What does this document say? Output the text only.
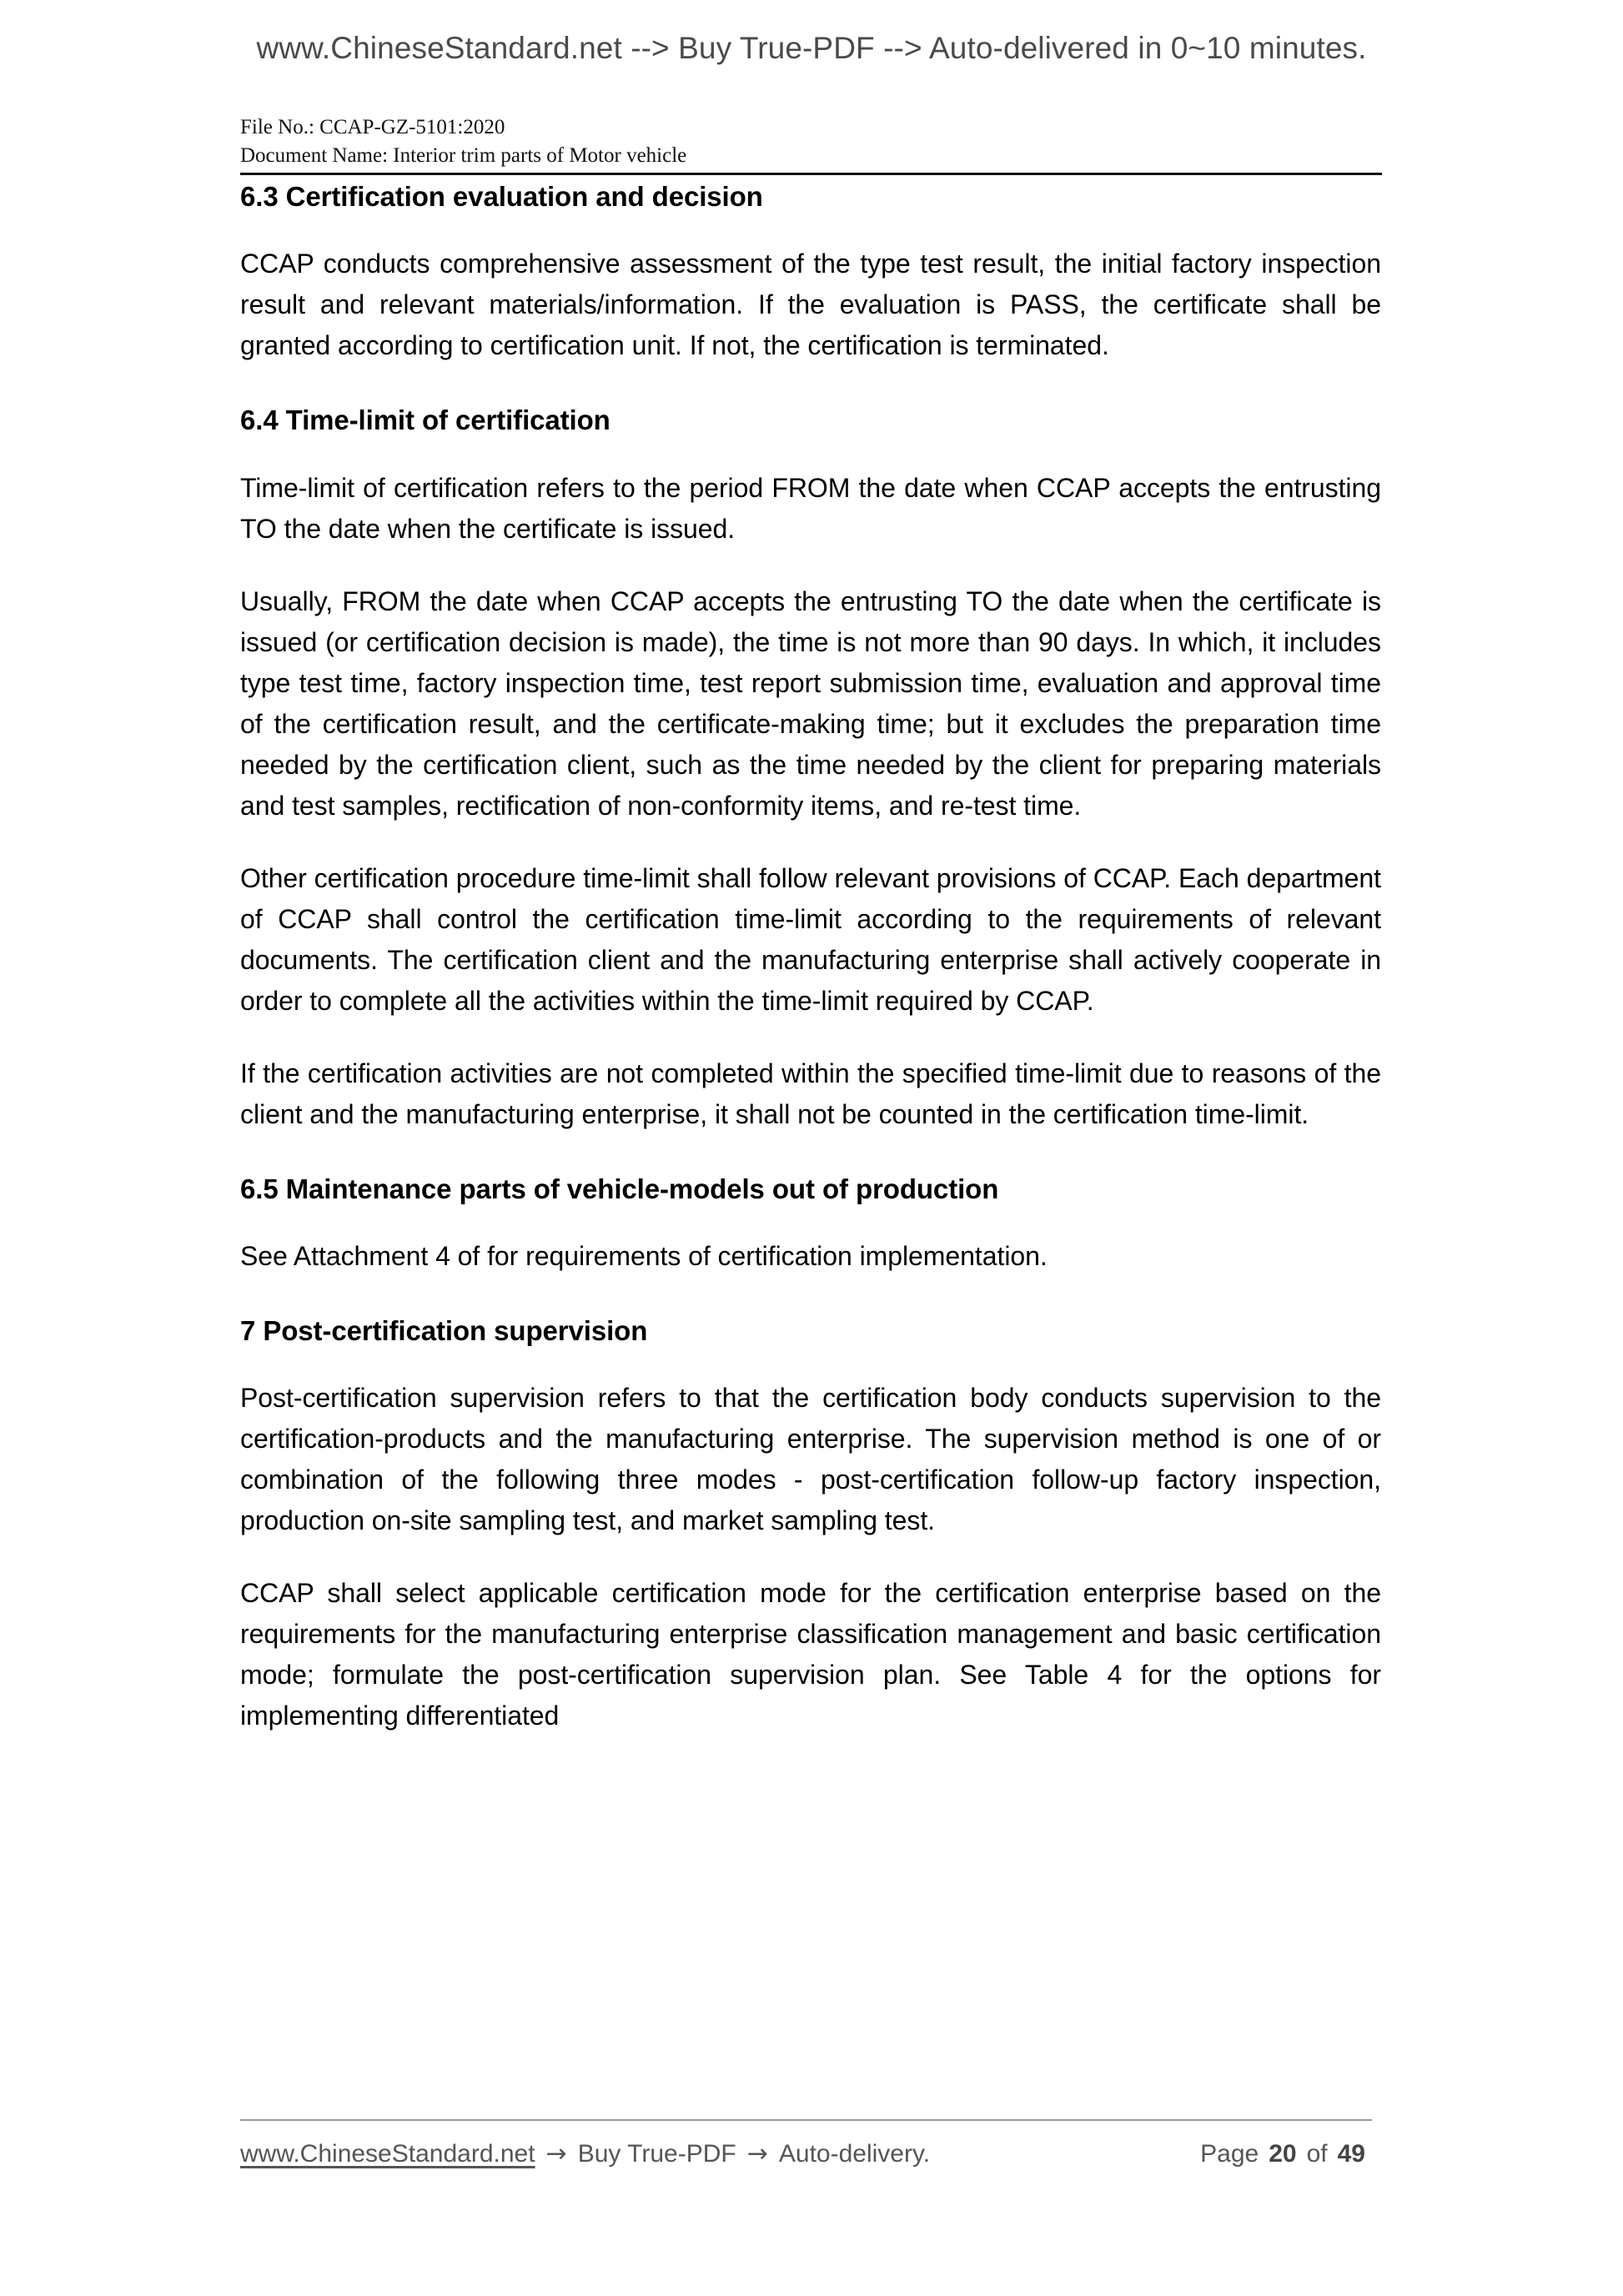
www.ChineseStandard.net --> Buy True-PDF --> Auto-delivered in 0~10 minutes.
File No.: CCAP-GZ-5101:2020
Document Name: Interior trim parts of Motor vehicle
6.3 Certification evaluation and decision

CCAP conducts comprehensive assessment of the type test result, the initial factory inspection result and relevant materials/information. If the evaluation is PASS, the certificate shall be granted according to certification unit. If not, the certification is terminated.

6.4 Time-limit of certification

Time-limit of certification refers to the period FROM the date when CCAP accepts the entrusting TO the date when the certificate is issued.

Usually, FROM the date when CCAP accepts the entrusting TO the date when the certificate is issued (or certification decision is made), the time is not more than 90 days. In which, it includes type test time, factory inspection time, test report submission time, evaluation and approval time of the certification result, and the certificate-making time; but it excludes the preparation time needed by the certification client, such as the time needed by the client for preparing materials and test samples, rectification of non-conformity items, and re-test time.

Other certification procedure time-limit shall follow relevant provisions of CCAP. Each department of CCAP shall control the certification time-limit according to the requirements of relevant documents. The certification client and the manufacturing enterprise shall actively cooperate in order to complete all the activities within the time-limit required by CCAP.

If the certification activities are not completed within the specified time-limit due to reasons of the client and the manufacturing enterprise, it shall not be counted in the certification time-limit.

6.5 Maintenance parts of vehicle-models out of production

See Attachment 4 of for requirements of certification implementation.

7 Post-certification supervision

Post-certification supervision refers to that the certification body conducts supervision to the certification-products and the manufacturing enterprise. The supervision method is one of or combination of the following three modes - post-certification follow-up factory inspection, production on-site sampling test, and market sampling test.

CCAP shall select applicable certification mode for the certification enterprise based on the requirements for the manufacturing enterprise classification management and basic certification mode; formulate the post-certification supervision plan. See Table 4 for the options for implementing differentiated

www.ChineseStandard.net → Buy True-PDF → Auto-delivery.	Page 20 of 49
